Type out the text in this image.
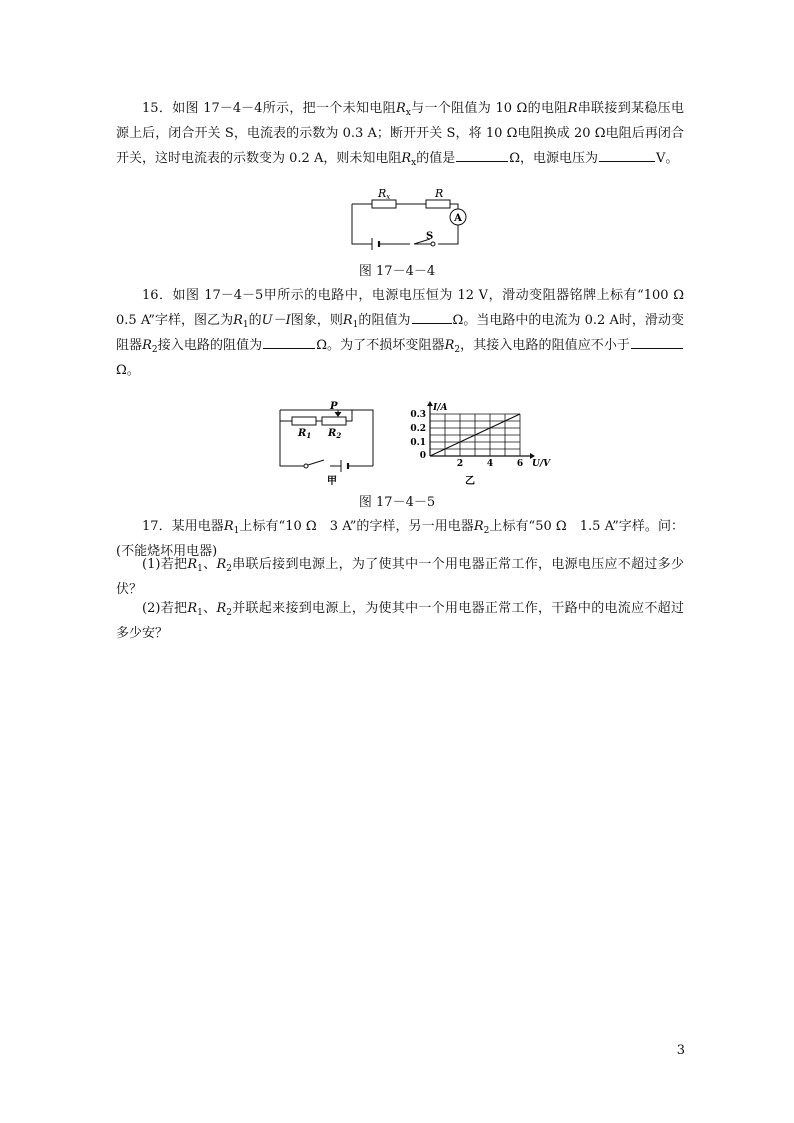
15．如图 17－4－4所示，把一个未知电阻$R_x$与一个阻值为 10 Ω的电阻R串联接到某稳压电源上后，闭合开关 S，电流表的示数为 0.3 A；断开开关 S，将 10 Ω电阻换成 20 Ω电阻后再闭合开关，这时电流表的示数变为 0.2 A，则未知电阻$R_x$的值是	Ω，电源电压为	V。

Rx	R
A
S
图 17－4－4

16．如图 17－4－5甲所示的电路中，电源电压恒为 12 V，滑动变阻器铭牌上标有“100 Ω　0.5 A”字样，图乙为$R_1$的U－I图象，则$R_1$的阻值为	Ω。当电路中的电流为 0.2 A时，滑动变阻器$R_2$接入电路的阻值为	Ω。为了不损坏变阻器$R_2$，其接入电路的阻值应不小于Ω。

$R_1$ $R_2$
P
甲
0
2	4	6
0.1
0.2
0.3
U/V
I/A
乙
图 17－4－5

17．某用电器$R_1$上标有“10 Ω　3 A”的字样，另一用电器$R_2$上标有“50 Ω　1.5 A”字样。问：(不能烧坏用电器)

(1)若把$R_1$、$R_2$串联后接到电源上，为了使其中一个用电器正常工作，电源电压应不超过多少伏？

(2)若把$R_1$、$R_2$并联起来接到电源上，为使其中一个用电器正常工作，干路中的电流应不超过多少安？

3
